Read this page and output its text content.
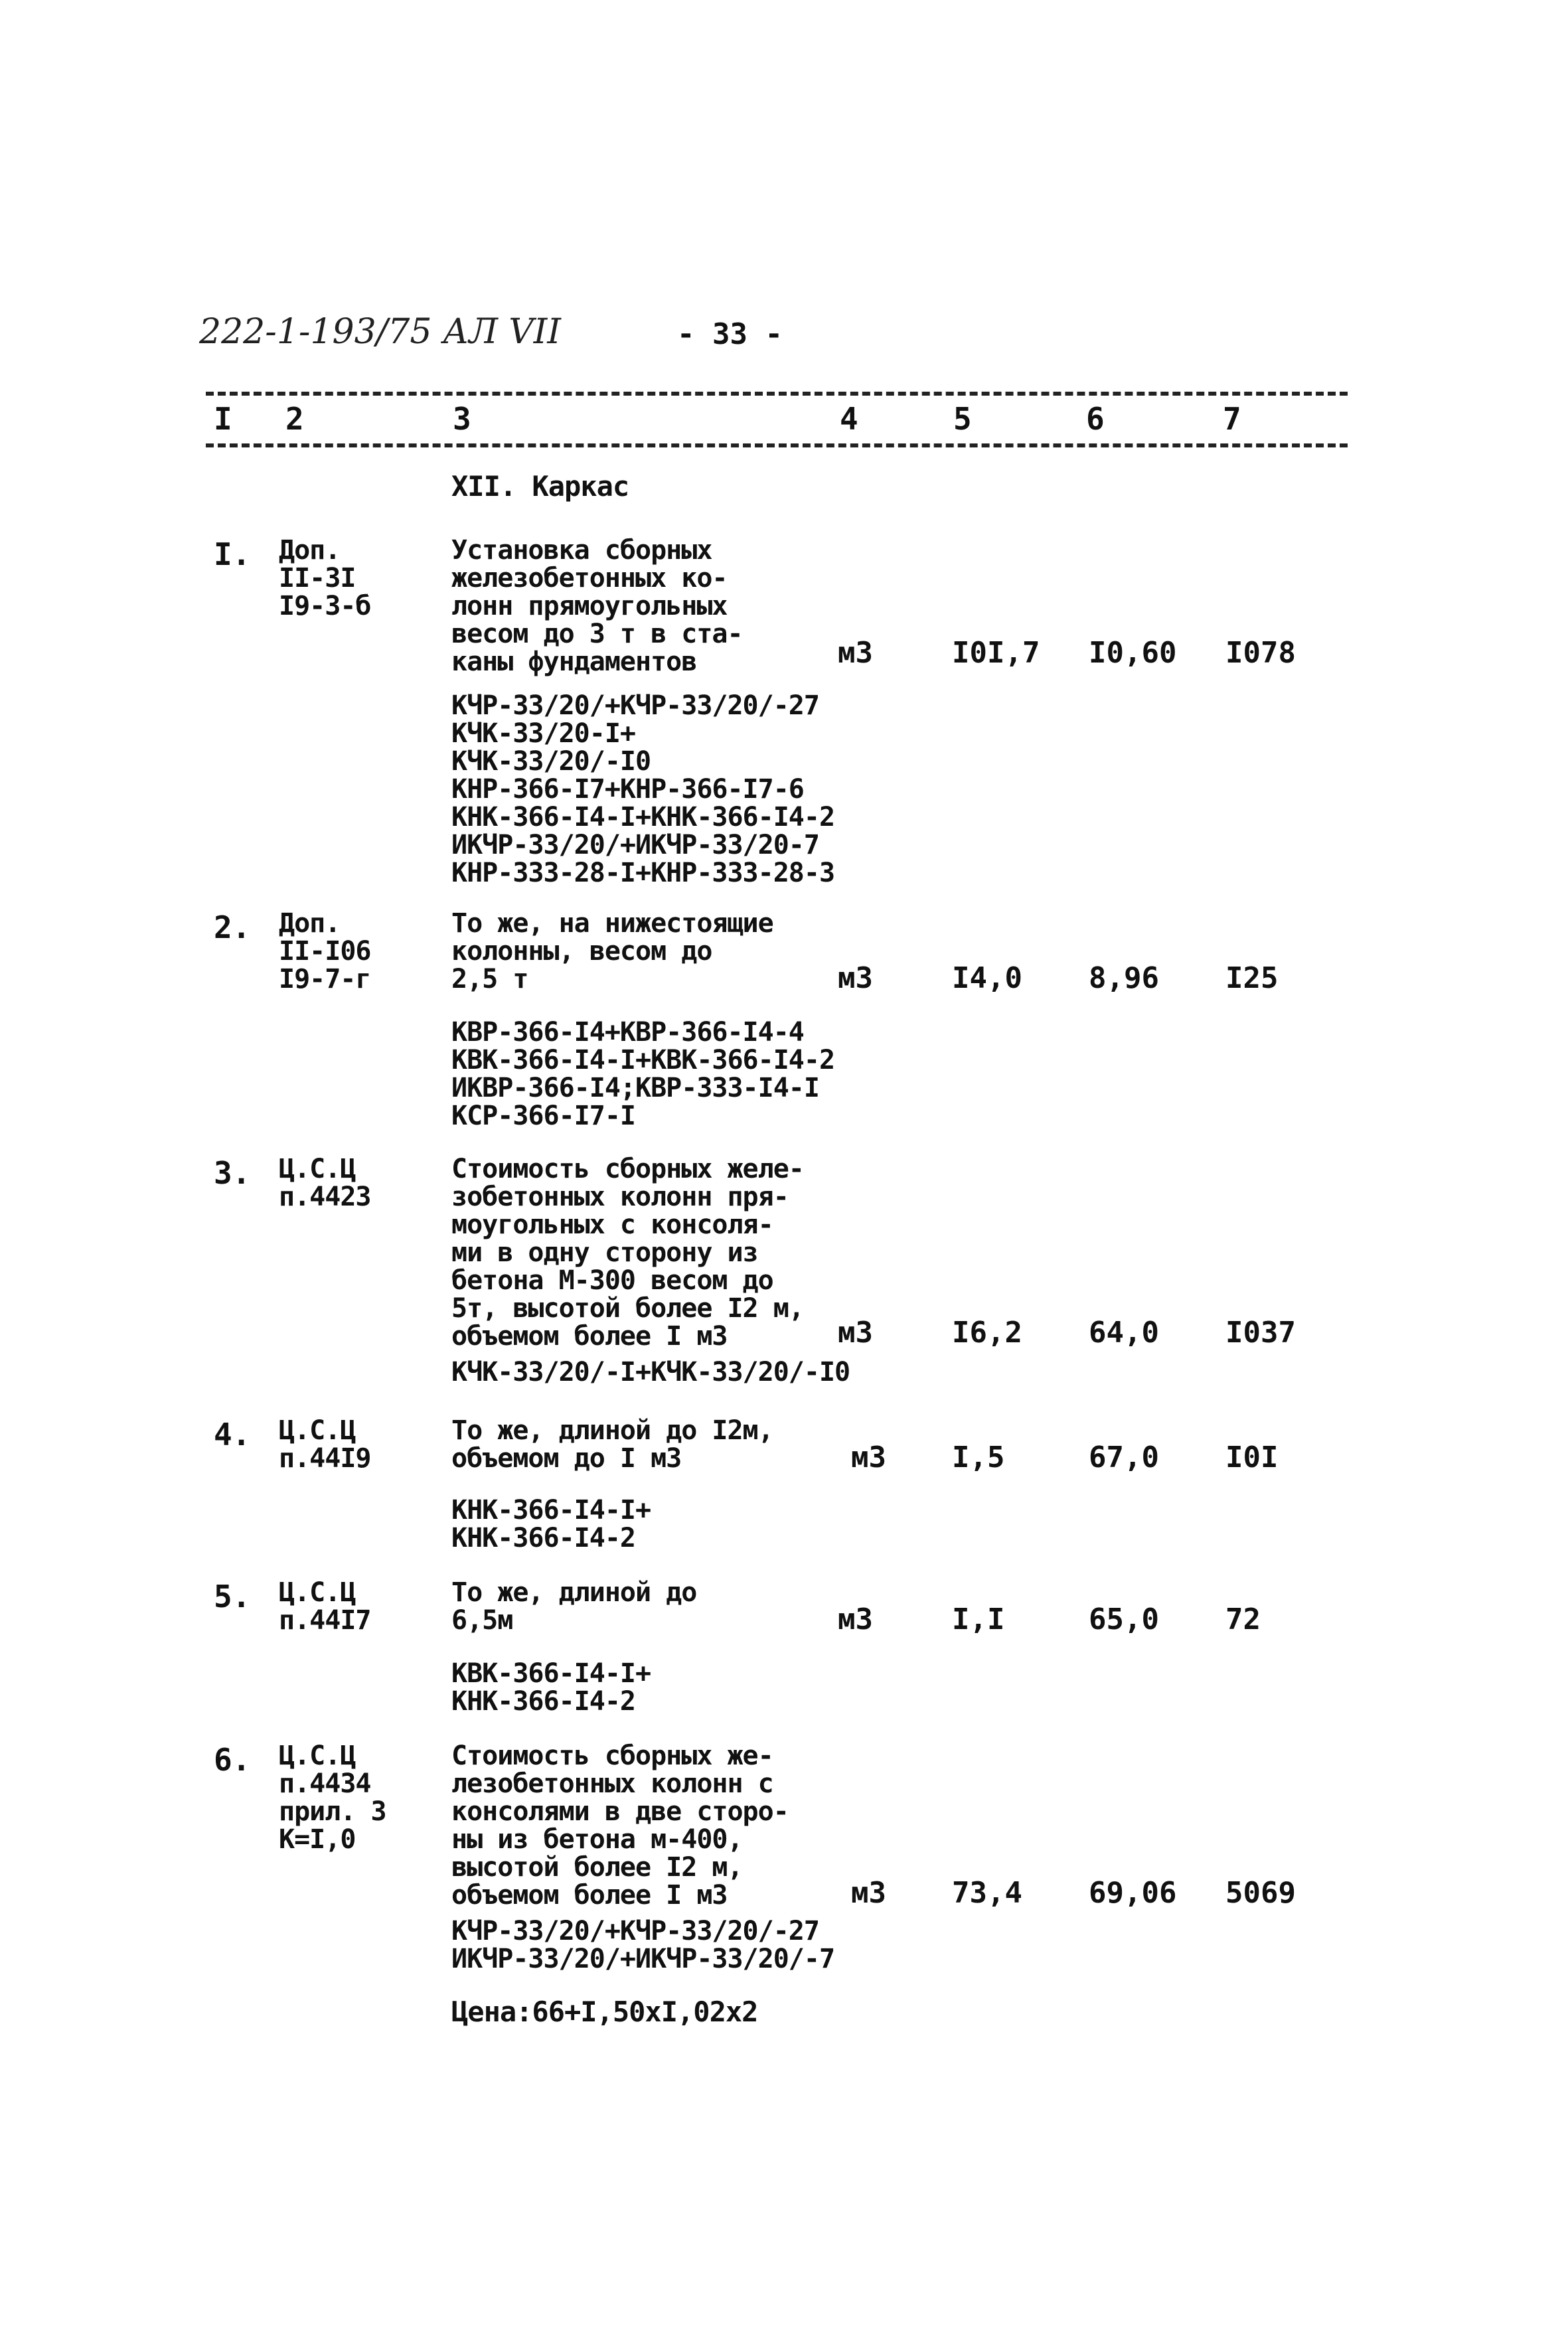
222-1-193/75 АЛ VII	- 33 -
I 2	3	4	5	6	7
XII. Каркас
I. Доп.
II-3I
I9-3-б
Установка сборных
железобетонных ко-
лонн прямоугольных
весом до 3 т в ста-
каны фундаментов	м3	I0I,7 I0,60 I078
КЧР-33/20/+КЧР-33/20/-27
КЧК-33/20-I+
КЧК-33/20/-I0
КНР-366-I7+КНР-366-I7-6
КНК-366-I4-I+КНК-366-I4-2
ИКЧР-33/20/+ИКЧР-33/20-7
КНР-333-28-I+КНР-333-28-3
2. Доп.
II-I06
I9-7-г
То же, на нижестоящие
колонны, весом до
2,5 т	м3	I4,0 8,96 I25
КВР-366-I4+КВР-366-I4-4
КВК-366-I4-I+КВК-366-I4-2
ИКВР-366-I4;КВР-333-I4-I
КСР-366-I7-I
3. Ц.С.Ц
п.4423
Стоимость сборных желе-
зобетонных колонн пря-
моугольных с консоля-
ми в одну сторону из
бетона М-300 весом до
5т, высотой более I2 м,
объемом более I м3	м3	I6,2 64,0 I037
КЧК-33/20/-I+КЧК-33/20/-I0
4. Ц.С.Ц
п.44I9
То же, длиной до I2м,
объемом до I м3	м3 I,5	67,0 I0I
КНК-366-I4-I+
КНК-366-I4-2
5. Ц.С.Ц
п.44I7
То же, длиной до
6,5м	м3	I,I	65,0 72
КВК-366-I4-I+
КНК-366-I4-2
6. Ц.С.Ц
п.4434
прил. 3
К=I,0
Стоимость сборных же-
лезобетонных колонн с
консолями в две сторо-
ны из бетона м-400,
высотой более I2 м,
объемом более I м3	м3 73,4 69,06 5069
КЧР-33/20/+КЧР-33/20/-27
ИКЧР-33/20/+ИКЧР-33/20/-7
Цена:66+I,50хI,02х2
